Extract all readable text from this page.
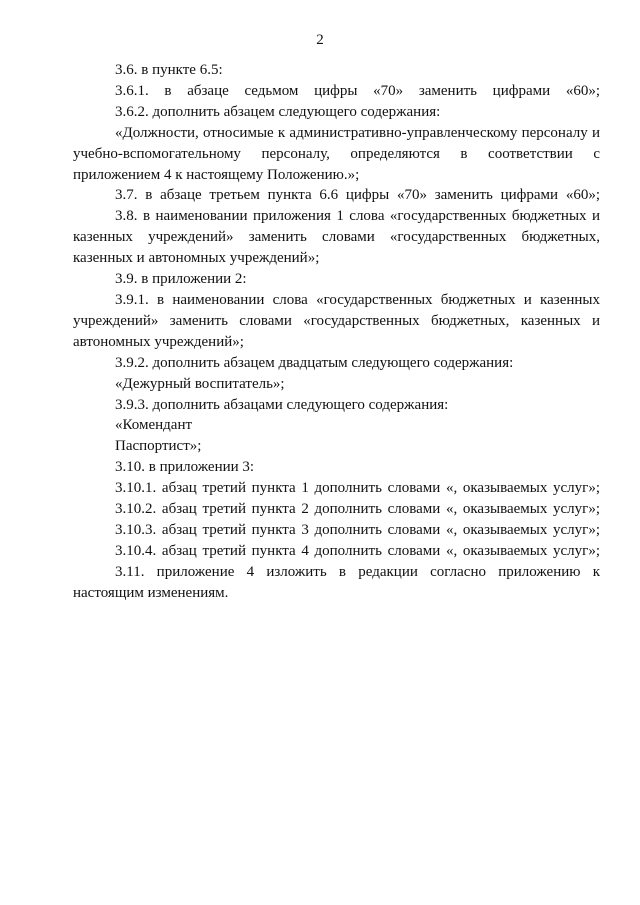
2

3.6. в пункте 6.5:

3.6.1. в абзаце седьмом цифры «70» заменить цифрами «60»;

3.6.2. дополнить абзацем следующего содержания:

«Должности, относимые к административно-управленческому персоналу и учебно-вспомогательному персоналу, определяются в соответствии с приложением 4 к настоящему Положению.»;

3.7. в абзаце третьем пункта 6.6 цифры «70» заменить цифрами «60»;

3.8. в наименовании приложения 1 слова «государственных бюджетных и казенных учреждений» заменить словами «государственных бюджетных, казенных и автономных учреждений»;

3.9. в приложении 2:

3.9.1. в наименовании слова «государственных бюджетных и казенных учреждений» заменить словами «государственных бюджетных, казенных и автономных учреждений»;

3.9.2. дополнить абзацем двадцатым следующего содержания:

«Дежурный воспитатель»;

3.9.3. дополнить абзацами следующего содержания:

«Комендант

Паспортист»;

3.10. в приложении 3:

3.10.1. абзац третий пункта 1 дополнить словами «, оказываемых услуг»;

3.10.2. абзац третий пункта 2 дополнить словами «, оказываемых услуг»;

3.10.3. абзац третий пункта 3 дополнить словами «, оказываемых услуг»;

3.10.4. абзац третий пункта 4 дополнить словами «, оказываемых услуг»;

3.11. приложение 4 изложить в редакции согласно приложению к настоящим изменениям.
